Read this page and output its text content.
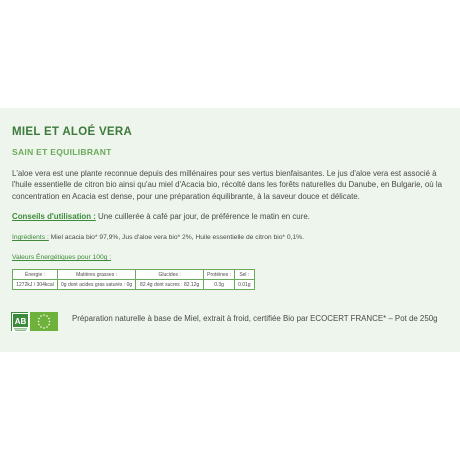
MIEL ET ALOÉ VERA
SAIN ET EQUILIBRANT

L'aloe vera est une plante reconnue depuis des millénaires pour ses vertus bienfaisantes. Le jus d'aloe vera est associé à l'huile essentielle de citron bio ainsi qu'au miel d'Acacia bio, récolté dans les forêts naturelles du Danube, en Bulgarie, où la concentration en Acacia est dense, pour une préparation équilibrante, à la saveur douce et délicate.

Conseils d'utilisation : Une cuillerée à café par jour, de préférence le matin en cure.

Ingrédients : Miel acacia bio* 97,9%, Jus d'aloe vera bio* 2%, Huile essentielle de citron bio* 0,1%.

Valeurs Énergétiques pour 100g :

Énergie :	Matières grasses :	Glucides :	Protéines :	Sel :
1272kJ / 304kcal	0g dont acides gras saturés : 0g	82.4g dont sucres : 82.12g	0.3g	0.01g
AB	Préparation naturelle à base de Miel, extrait à froid, certifiée Bio par ECOCERT FRANCE* – Pot de 250g
